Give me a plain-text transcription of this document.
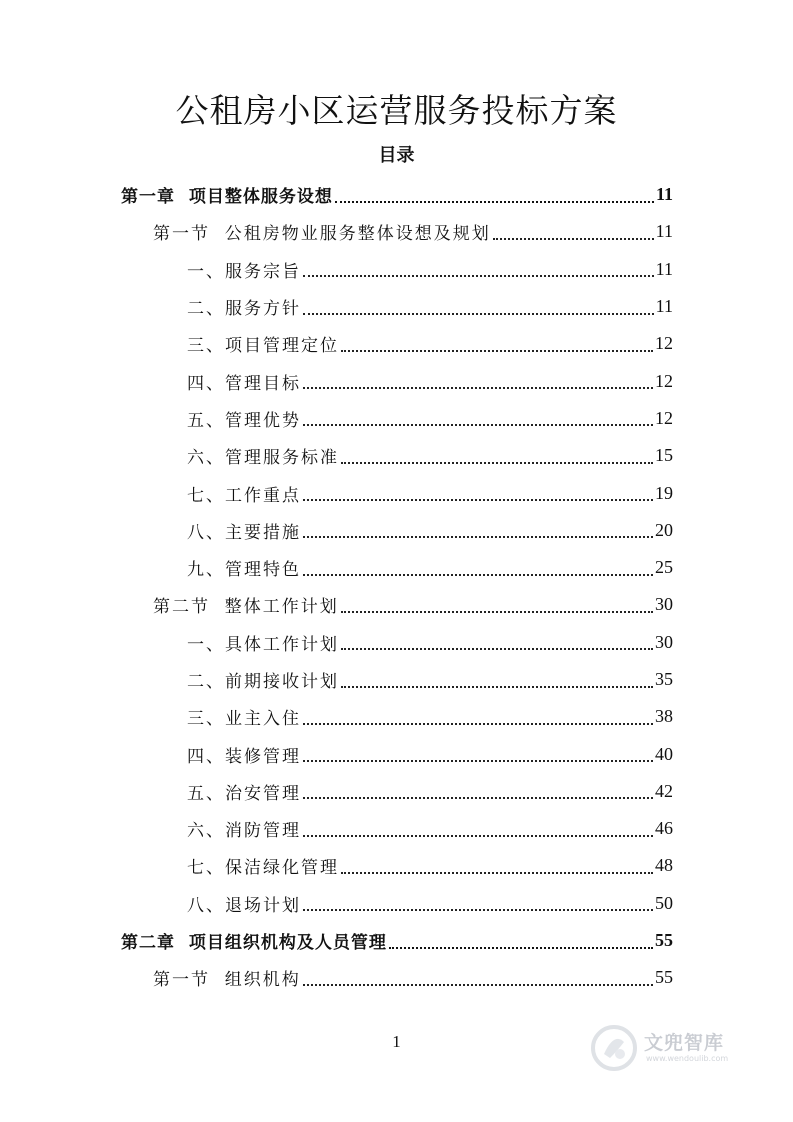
公租房小区运营服务投标方案
目录
第一章  项目整体服务设想	11
第一节  公租房物业服务整体设想及规划	11
一、服务宗旨	11
二、服务方针	11
三、项目管理定位	12
四、管理目标	12
五、管理优势	12
六、管理服务标准	15
七、工作重点	19
八、主要措施	20
九、管理特色	25
第二节  整体工作计划	30
一、具体工作计划	30
二、前期接收计划	35
三、业主入住	38
四、装修管理	40
五、治安管理	42
六、消防管理	46
七、保洁绿化管理	48
八、退场计划	50
第二章  项目组织机构及人员管理	55
第一节  组织机构	55
1	文兜智库
www.wendoulib.com
